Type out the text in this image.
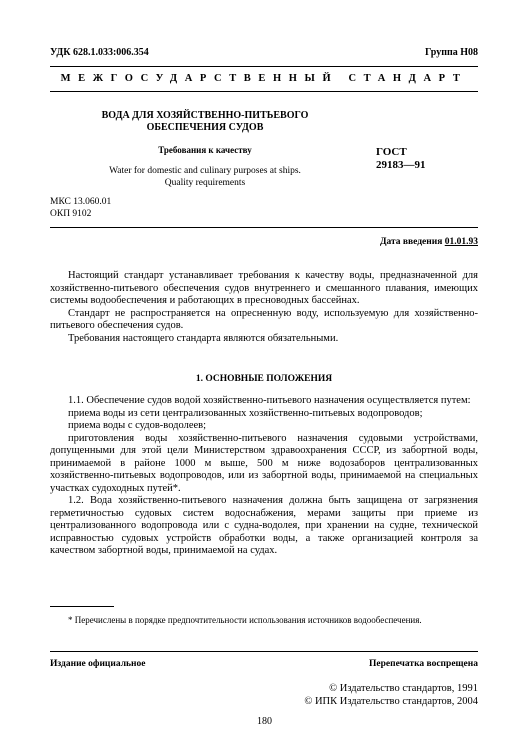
УДК 628.1.033:006.354	Группа Н08
МЕЖГОСУДАРСТВЕННЫЙ СТАНДАРТ
ВОДА ДЛЯ ХОЗЯЙСТВЕННО-ПИТЬЕВОГО
ОБЕСПЕЧЕНИЯ СУДОВ
Требования к качеству
Water for domestic and culinary purposes at ships.
Quality requirements
ГОСТ
29183—91
МКС 13.060.01
ОКП 9102
Дата введения 01.01.93

Настоящий стандарт устанавливает требования к качеству воды, предназначенной для хозяйственно-питьевого обеспечения судов внутреннего и смешанного плавания, имеющих системы водообеспечения и работающих в пресноводных бассейнах.

Стандарт не распространяется на опресненную воду, используемую для хозяйственно-питьевого обеспечения судов.

Требования настоящего стандарта являются обязательными.

1. ОСНОВНЫЕ ПОЛОЖЕНИЯ

1.1. Обеспечение судов водой хозяйственно-питьевого назначения осуществляется путем:

приема воды из сети централизованных хозяйственно-питьевых водопроводов;

приема воды с судов-водолеев;

приготовления воды хозяйственно-питьевого назначения судовыми устройствами, допущенными для этой цели Министерством здравоохранения СССР, из забортной воды, принимаемой в районе 1000 м выше, 500 м ниже водозаборов централизованных хозяйственно-питьевых водопроводов, или из забортной воды, принимаемой на специальных участках судоходных путей*.

1.2. Вода хозяйственно-питьевого назначения должна быть защищена от загрязнения герметичностью судовых систем водоснабжения, мерами защиты при приеме из централизованного водопровода или с судна-водолея, при хранении на судне, технической исправностью судовых устройств обработки воды, а также организацией контроля за качеством забортной воды, принимаемой на судах.

* Перечислены в порядке предпочтительности использования источников водообеспечения.

Издание официальное	Перепечатка воспрещена
© Издательство стандартов, 1991
© ИПК Издательство стандартов, 2004
180
